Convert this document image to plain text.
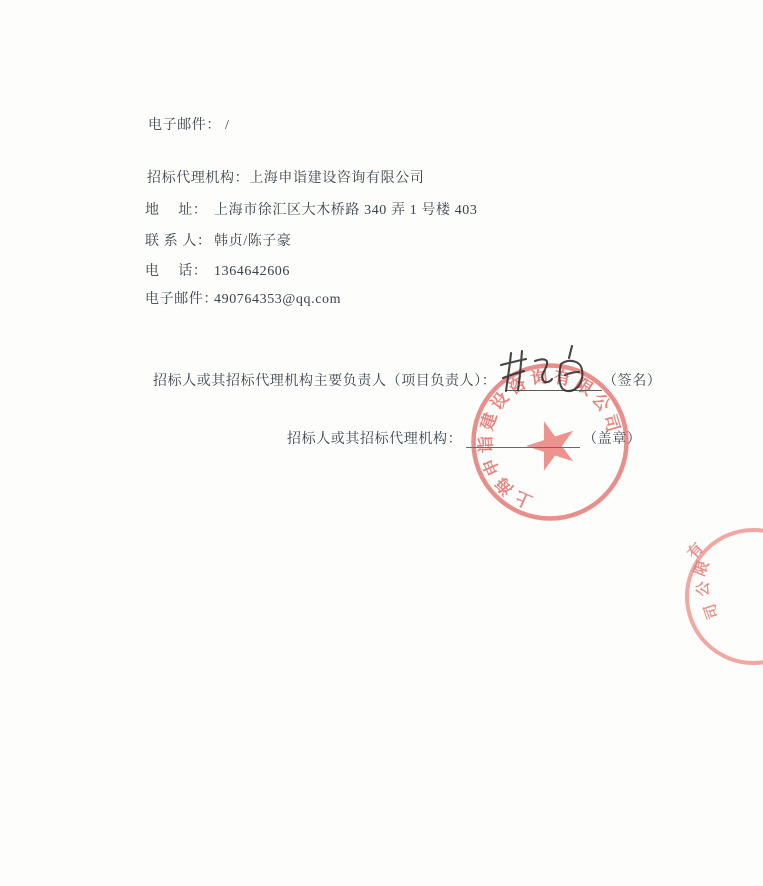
电子邮件： /
招标代理机构：上海申诣建设咨询有限公司
地　 址： 上海市徐汇区大木桥路 340 弄 1 号楼 403
联 系 人： 韩贞/陈子豪
电　 话： 1364642606
电子邮件：
490764353@qq.com
上海申诣建设咨询有限公司
有
限
公
司
招标人或其招标代理机构主要负责人（项目负责人）：	（签名）
招标人或其招标代理机构：	（盖章）
